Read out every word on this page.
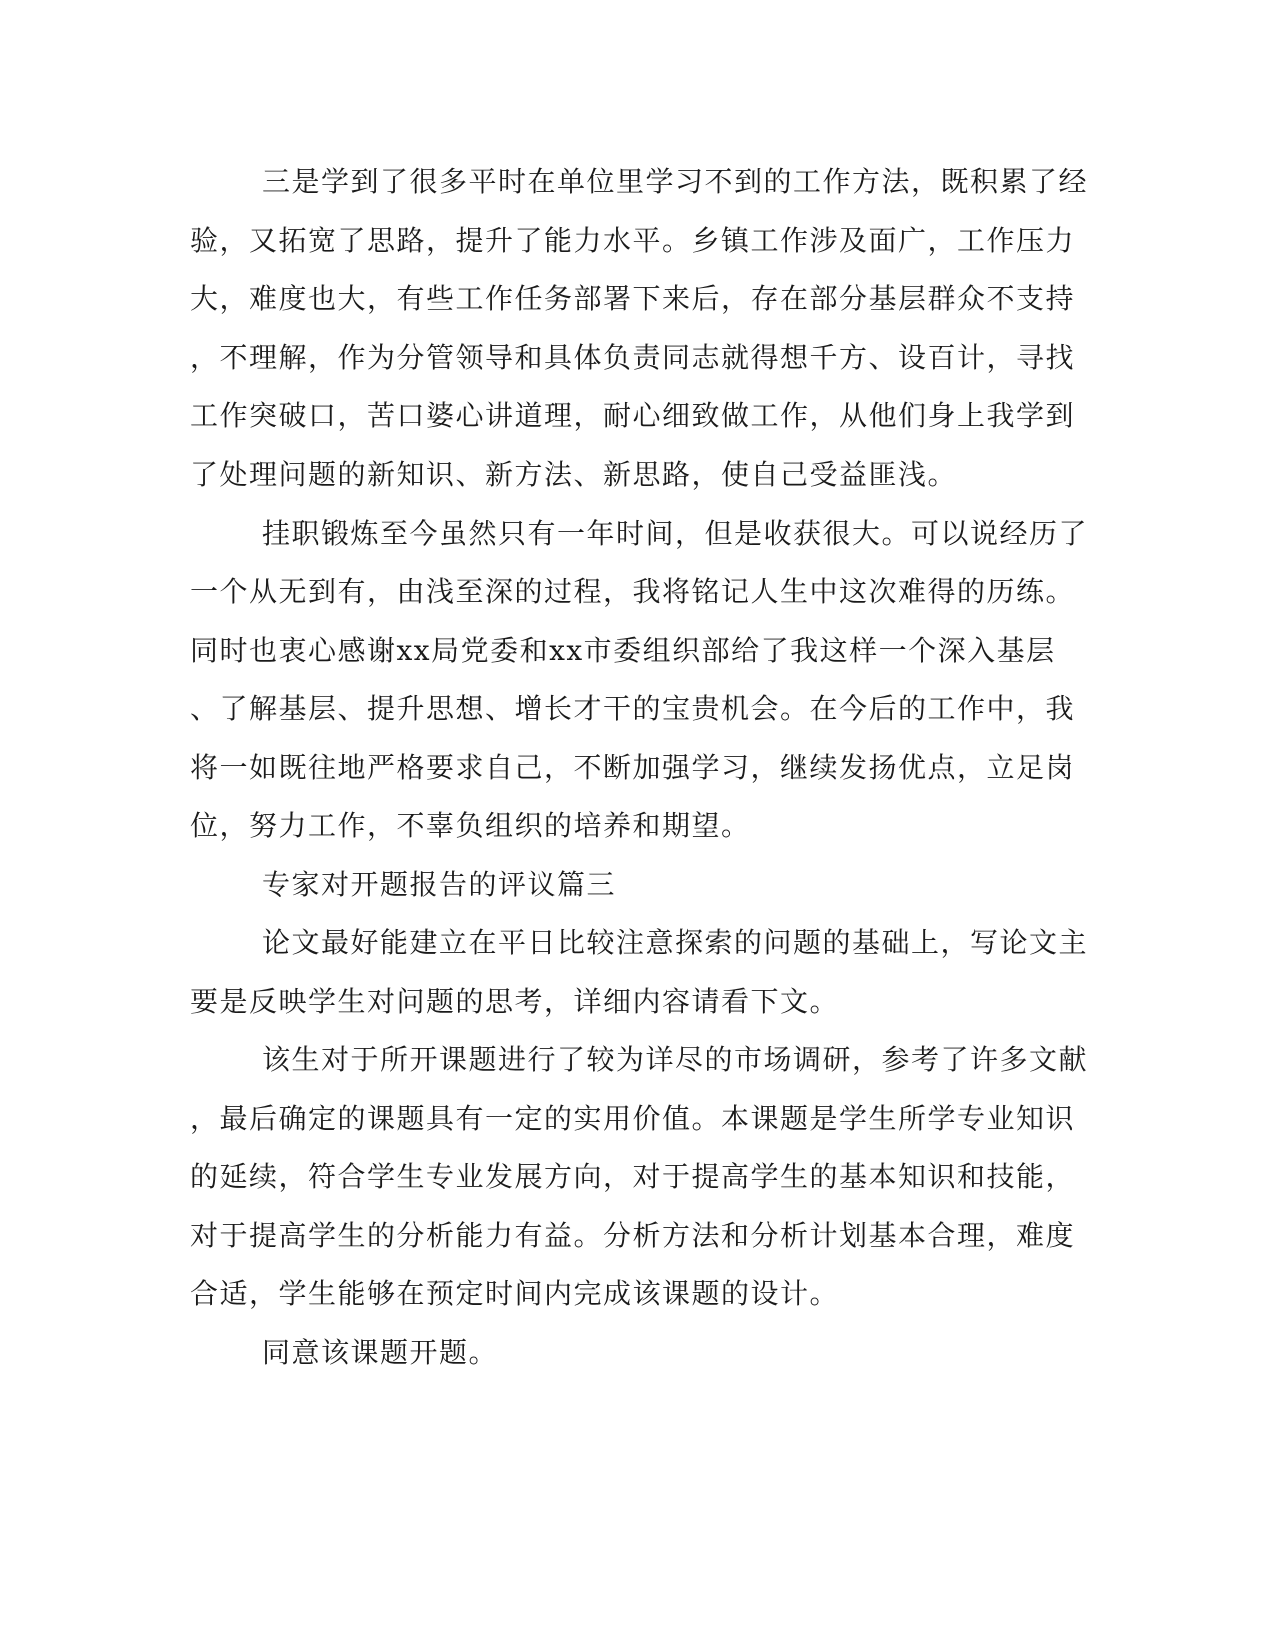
三是学到了很多平时在单位里学习不到的工作方法，既积累了经
验，又拓宽了思路，提升了能力水平。乡镇工作涉及面广，工作压力
大，难度也大，有些工作任务部署下来后，存在部分基层群众不支持
，不理解，作为分管领导和具体负责同志就得想千方、设百计，寻找
工作突破口，苦口婆心讲道理，耐心细致做工作，从他们身上我学到
了处理问题的新知识、新方法、新思路，使自己受益匪浅。
挂职锻炼至今虽然只有一年时间，但是收获很大。可以说经历了
一个从无到有，由浅至深的过程，我将铭记人生中这次难得的历练。
同时也衷心感谢xx局党委和xx市委组织部给了我这样一个深入基层
、了解基层、提升思想、增长才干的宝贵机会。在今后的工作中，我
将一如既往地严格要求自己，不断加强学习，继续发扬优点，立足岗
位，努力工作，不辜负组织的培养和期望。
专家对开题报告的评议篇三
论文最好能建立在平日比较注意探索的问题的基础上，写论文主
要是反映学生对问题的思考，详细内容请看下文。
该生对于所开课题进行了较为详尽的市场调研，参考了许多文献
，最后确定的课题具有一定的实用价值。本课题是学生所学专业知识
的延续，符合学生专业发展方向，对于提高学生的基本知识和技能，
对于提高学生的分析能力有益。分析方法和分析计划基本合理，难度
合适，学生能够在预定时间内完成该课题的设计。
同意该课题开题。
